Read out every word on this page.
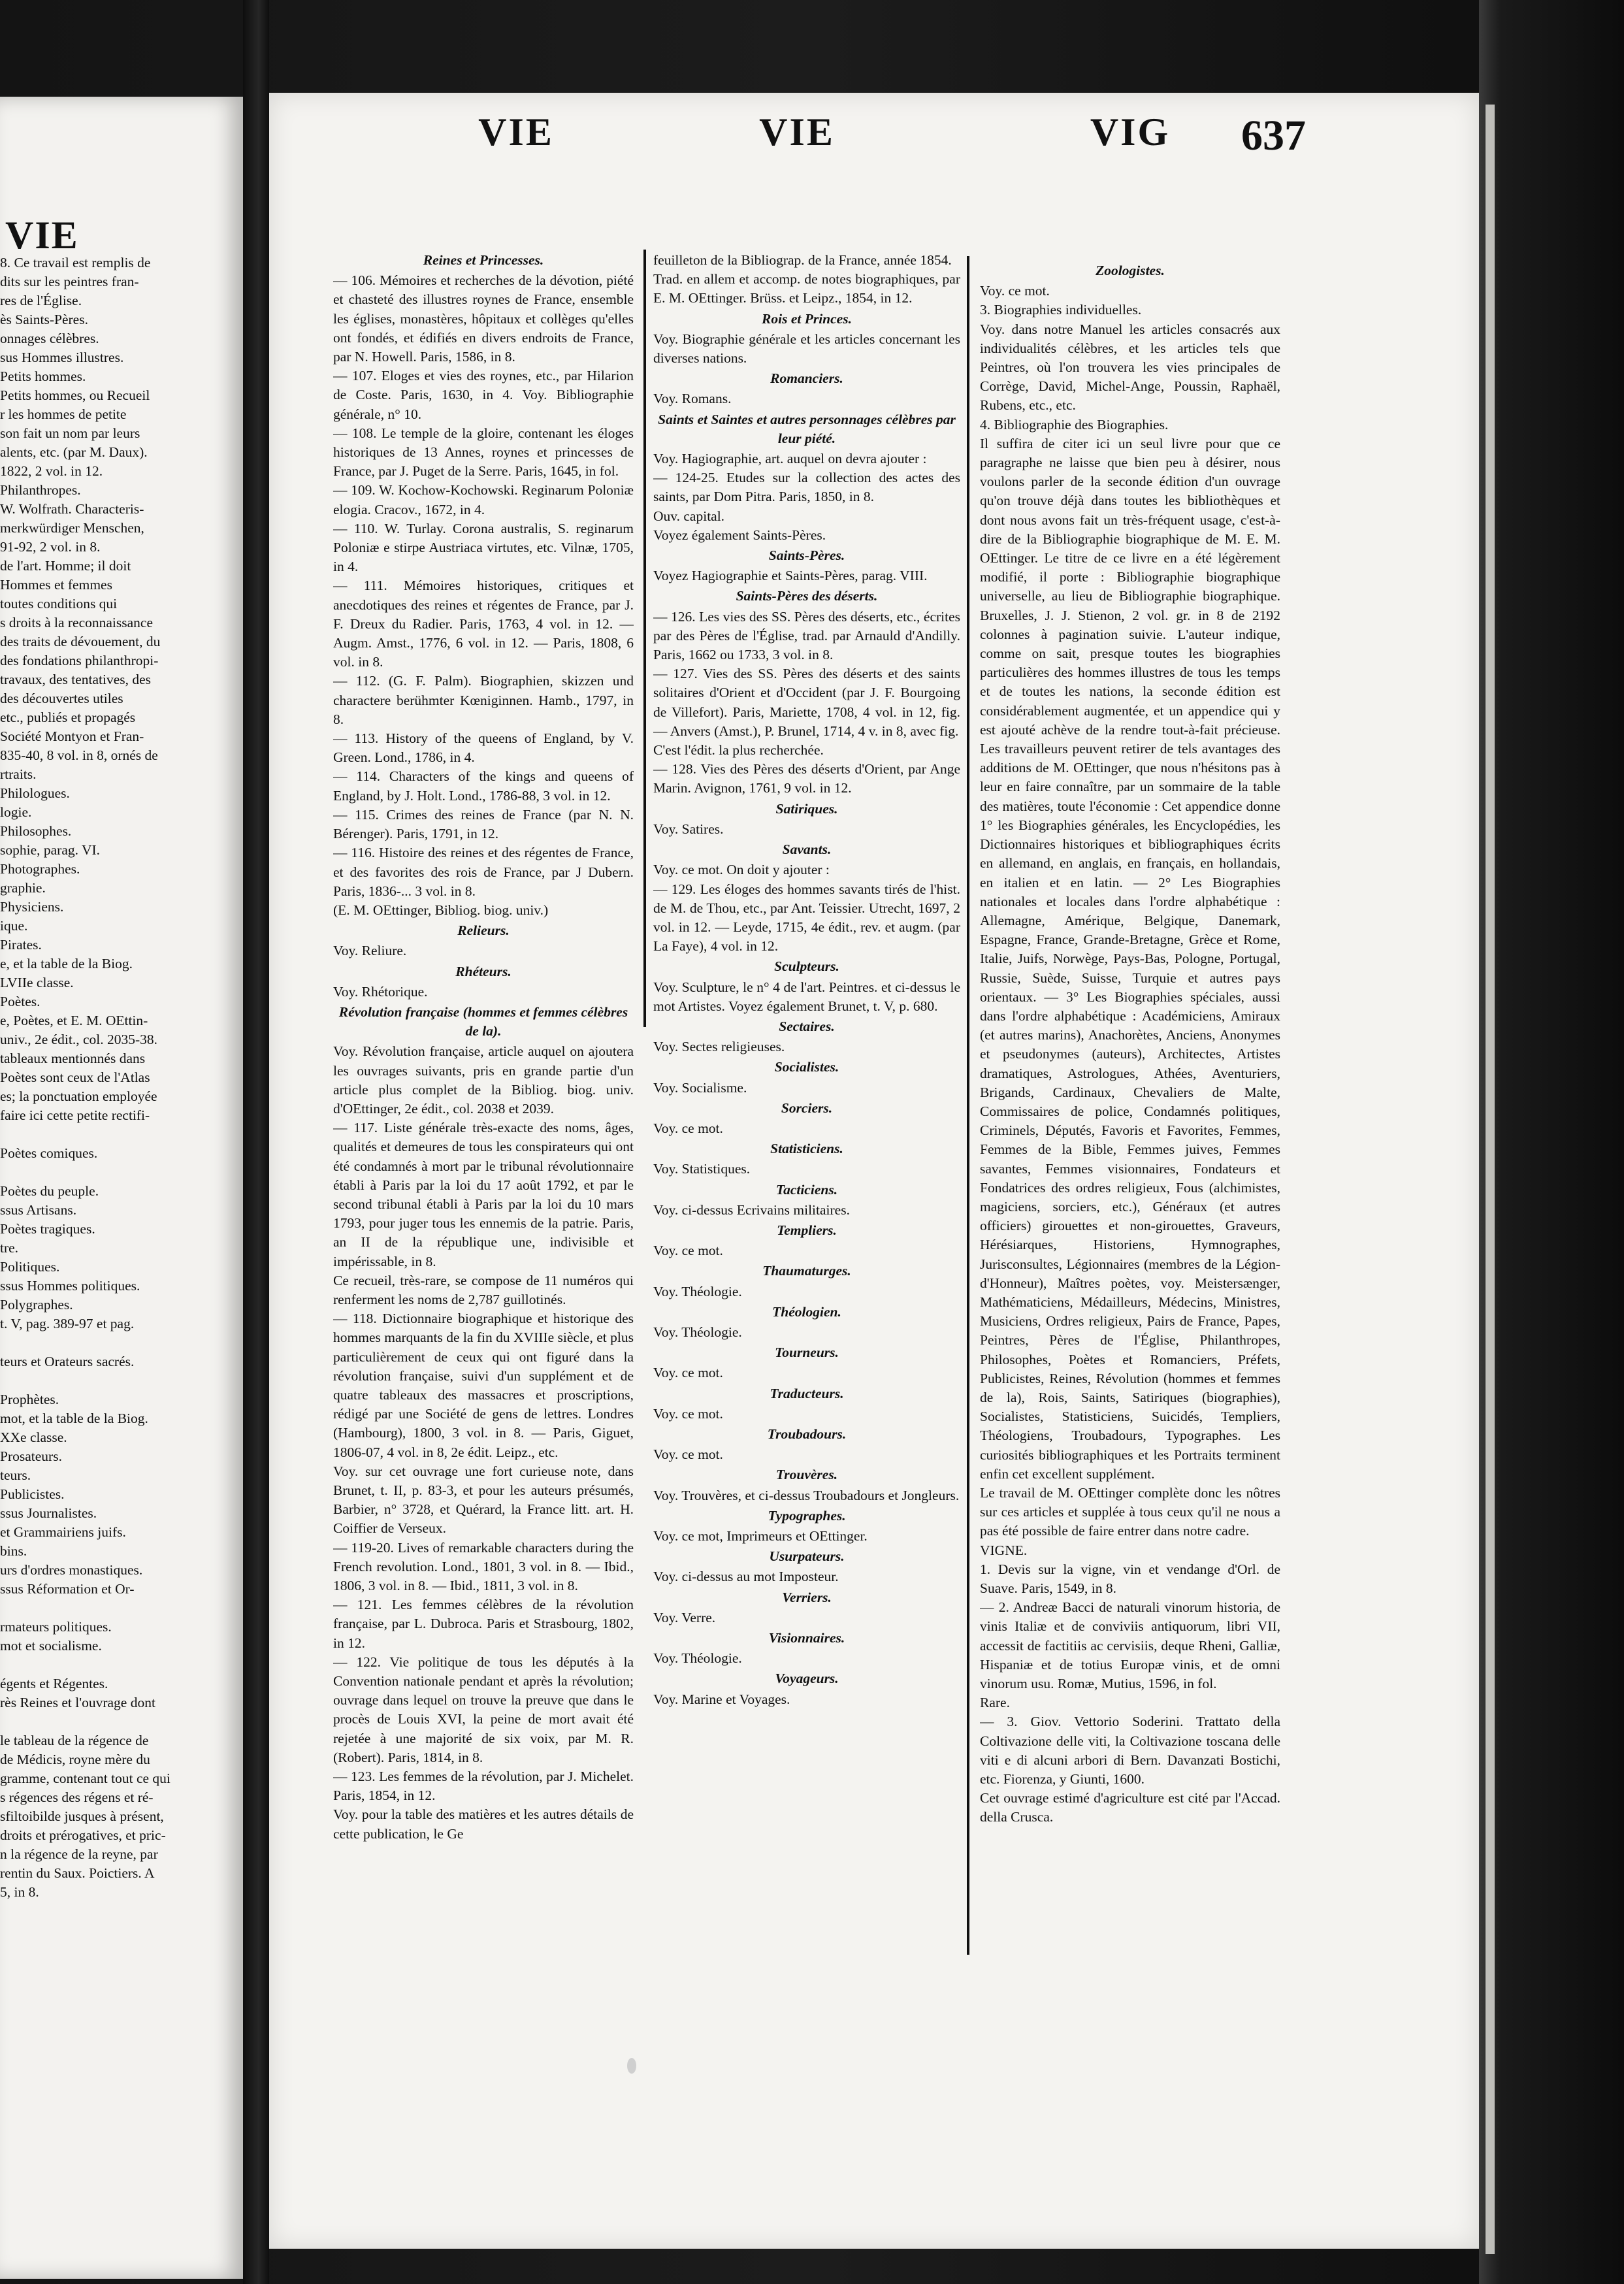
VIE
8. Ce travail est remplis de
dits sur les peintres fran-
res de l'Église.
ès Saints-Pères.
onnages célèbres.
sus Hommes illustres.
Petits hommes.
Petits hommes, ou Recueil
r les hommes de petite
son fait un nom par leurs
alents, etc. (par M. Daux).
1822, 2 vol. in 12.
Philanthropes.
W. Wolfrath. Characteris-
merkwürdiger Menschen,
91-92, 2 vol. in 8.
de l'art. Homme; il doit
Hommes et femmes
toutes conditions qui
s droits à la reconnaissance
des traits de dévouement, du
des fondations philanthropi-
travaux, des tentatives, des
des découvertes utiles
etc., publiés et propagés
Société Montyon et Fran-
835-40, 8 vol. in 8, ornés de
rtraits.
Philologues.
logie.
Philosophes.
sophie, parag. VI.
Photographes.
graphie.
Physiciens.
ique.
Pirates.
e, et la table de la Biog.
LVIIe classe.
Poètes.
e, Poètes, et E. M. OEttin-
univ., 2e édit., col. 2035-38.
tableaux mentionnés dans
Poètes sont ceux de l'Atlas
es; la ponctuation employée
faire ici cette petite rectifi-

Poètes comiques.

Poètes du peuple.
ssus Artisans.
Poètes tragiques.
tre.
Politiques.
ssus Hommes politiques.
Polygraphes.
t. V, pag. 389-97 et pag.

teurs et Orateurs sacrés.

Prophètes.
mot, et la table de la Biog.
XXe classe.
Prosateurs.
teurs.
Publicistes.
ssus Journalistes.
et Grammairiens juifs.
bins.
urs d'ordres monastiques.
ssus Réformation et Or-

rmateurs politiques.
mot et socialisme.

égents et Régentes.
rès Reines et l'ouvrage dont

le tableau de la régence de
de Médicis, royne mère du
gramme, contenant tout ce qui
s régences des régens et ré-
sfiltoibilde jusques à présent,
droits et prérogatives, et pric-
n la régence de la reyne, par
rentin du Saux. Poictiers. A
5, in 8.
VIE	VIE	VIG	637
Reines et Princesses.

— 106. Mémoires et recherches de la dévotion, piété et chasteté des illustres roynes de France, ensemble les églises, monastères, hôpitaux et collèges qu'elles ont fondés, et édifiés en divers endroits de France, par N. Howell. Paris, 1586, in 8.

— 107. Eloges et vies des roynes, etc., par Hilarion de Coste. Paris, 1630, in 4. Voy. Bibliographie générale, n° 10.

— 108. Le temple de la gloire, contenant les éloges historiques de 13 Annes, roynes et princesses de France, par J. Puget de la Serre. Paris, 1645, in fol.

— 109. W. Kochow-Kochowski. Reginarum Poloniæ elogia. Cracov., 1672, in 4.

— 110. W. Turlay. Corona australis, S. reginarum Poloniæ e stirpe Austriaca virtutes, etc. Vilnæ, 1705, in 4.

— 111. Mémoires historiques, critiques et anecdotiques des reines et régentes de France, par J. F. Dreux du Radier. Paris, 1763, 4 vol. in 12. — Augm. Amst., 1776, 6 vol. in 12. — Paris, 1808, 6 vol. in 8.

— 112. (G. F. Palm). Biographien, skizzen und charactere berühmter Kœniginnen. Hamb., 1797, in 8.

— 113. History of the queens of England, by V. Green. Lond., 1786, in 4.

— 114. Characters of the kings and queens of England, by J. Holt. Lond., 1786-88, 3 vol. in 12.

— 115. Crimes des reines de France (par N. N. Bérenger). Paris, 1791, in 12.

— 116. Histoire des reines et des régentes de France, et des favorites des rois de France, par J Dubern. Paris, 1836-... 3 vol. in 8.

(E. M. OEttinger, Bibliog. biog. univ.)

Relieurs.

Voy. Reliure.

Rhéteurs.

Voy. Rhétorique.

Révolution française (hommes et femmes célèbres de la).

Voy. Révolution française, article auquel on ajoutera les ouvrages suivants, pris en grande partie d'un article plus complet de la Bibliog. biog. univ. d'OEttinger, 2e édit., col. 2038 et 2039.

— 117. Liste générale très-exacte des noms, âges, qualités et demeures de tous les conspirateurs qui ont été condamnés à mort par le tribunal révolutionnaire établi à Paris par la loi du 17 août 1792, et par le second tribunal établi à Paris par la loi du 10 mars 1793, pour juger tous les ennemis de la patrie. Paris, an II de la république une, indivisible et impérissable, in 8.

Ce recueil, très-rare, se compose de 11 numéros qui renferment les noms de 2,787 guillotinés.

— 118. Dictionnaire biographique et historique des hommes marquants de la fin du XVIIIe siècle, et plus particulièrement de ceux qui ont figuré dans la révolution française, suivi d'un supplément et de quatre tableaux des massacres et proscriptions, rédigé par une Société de gens de lettres. Londres (Hambourg), 1800, 3 vol. in 8. — Paris, Giguet, 1806-07, 4 vol. in 8, 2e édit. Leipz., etc.

Voy. sur cet ouvrage une fort curieuse note, dans Brunet, t. II, p. 83-3, et pour les auteurs présumés, Barbier, n° 3728, et Quérard, la France litt. art. H. Coiffier de Verseux.

— 119-20. Lives of remarkable characters during the French revolution. Lond., 1801, 3 vol. in 8. — Ibid., 1806, 3 vol. in 8. — Ibid., 1811, 3 vol. in 8.

— 121. Les femmes célèbres de la révolution française, par L. Dubroca. Paris et Strasbourg, 1802, in 12.

— 122. Vie politique de tous les députés à la Convention nationale pendant et après la révolution; ouvrage dans lequel on trouve la preuve que dans le procès de Louis XVI, la peine de mort avait été rejetée à une majorité de six voix, par M. R. (Robert). Paris, 1814, in 8.

— 123. Les femmes de la révolution, par J. Michelet. Paris, 1854, in 12.

Voy. pour la table des matières et les autres détails de cette publication, le Ge

feuilleton de la Bibliograp. de la France, année 1854.

Trad. en allem et accomp. de notes biographiques, par E. M. OEttinger. Brüss. et Leipz., 1854, in 12.

Rois et Princes.

Voy. Biographie générale et les articles concernant les diverses nations.

Romanciers.

Voy. Romans.

Saints et Saintes et autres personnages célèbres par leur piété.

Voy. Hagiographie, art. auquel on devra ajouter :

— 124-25. Etudes sur la collection des actes des saints, par Dom Pitra. Paris, 1850, in 8.

Ouv. capital.

Voyez également Saints-Pères.

Saints-Pères.

Voyez Hagiographie et Saints-Pères, parag. VIII.

Saints-Pères des déserts.

— 126. Les vies des SS. Pères des déserts, etc., écrites par des Pères de l'Église, trad. par Arnauld d'Andilly. Paris, 1662 ou 1733, 3 vol. in 8.

— 127. Vies des SS. Pères des déserts et des saints solitaires d'Orient et d'Occident (par J. F. Bourgoing de Villefort). Paris, Mariette, 1708, 4 vol. in 12, fig. — Anvers (Amst.), P. Brunel, 1714, 4 v. in 8, avec fig.

C'est l'édit. la plus recherchée.

— 128. Vies des Pères des déserts d'Orient, par Ange Marin. Avignon, 1761, 9 vol. in 12.

Satiriques.

Voy. Satires.

Savants.

Voy. ce mot. On doit y ajouter :

— 129. Les éloges des hommes savants tirés de l'hist. de M. de Thou, etc., par Ant. Teissier. Utrecht, 1697, 2 vol. in 12. — Leyde, 1715, 4e édit., rev. et augm. (par La Faye), 4 vol. in 12.

Sculpteurs.

Voy. Sculpture, le n° 4 de l'art. Peintres. et ci-dessus le mot Artistes. Voyez également Brunet, t. V, p. 680.

Sectaires.

Voy. Sectes religieuses.

Socialistes.

Voy. Socialisme.

Sorciers.

Voy. ce mot.

Statisticiens.

Voy. Statistiques.

Tacticiens.

Voy. ci-dessus Ecrivains militaires.

Templiers.

Voy. ce mot.

Thaumaturges.

Voy. Théologie.

Théologien.

Voy. Théologie.

Tourneurs.

Voy. ce mot.

Traducteurs.

Voy. ce mot.

Troubadours.

Voy. ce mot.

Trouvères.

Voy. Trouvères, et ci-dessus Troubadours et Jongleurs.

Typographes.

Voy. ce mot, Imprimeurs et OEttinger.

Usurpateurs.

Voy. ci-dessus au mot Imposteur.

Verriers.

Voy. Verre.

Visionnaires.

Voy. Théologie.

Voyageurs.

Voy. Marine et Voyages.

Zoologistes.

Voy. ce mot.

3. Biographies individuelles.

Voy. dans notre Manuel les articles consacrés aux individualités célèbres, et les articles tels que Peintres, où l'on trouvera les vies principales de Corrège, David, Michel-Ange, Poussin, Raphaël, Rubens, etc., etc.

4. Bibliographie des Biographies.

Il suffira de citer ici un seul livre pour que ce paragraphe ne laisse que bien peu à désirer, nous voulons parler de la seconde édition d'un ouvrage qu'on trouve déjà dans toutes les bibliothèques et dont nous avons fait un très-fréquent usage, c'est-à-dire de la Bibliographie biographique de M. E. M. OEttinger. Le titre de ce livre en a été légèrement modifié, il porte : Bibliographie biographique universelle, au lieu de Bibliographie biographique. Bruxelles, J. J. Stienon, 2 vol. gr. in 8 de 2192 colonnes à pagination suivie. L'auteur indique, comme on sait, presque toutes les biographies particulières des hommes illustres de tous les temps et de toutes les nations, la seconde édition est considérablement augmentée, et un appendice qui y est ajouté achève de la rendre tout-à-fait précieuse. Les travailleurs peuvent retirer de tels avantages des additions de M. OEttinger, que nous n'hésitons pas à leur en faire connaître, par un sommaire de la table des matières, toute l'économie : Cet appendice donne 1° les Biographies générales, les Encyclopédies, les Dictionnaires historiques et bibliographiques écrits en allemand, en anglais, en français, en hollandais, en italien et en latin. — 2° Les Biographies nationales et locales dans l'ordre alphabétique : Allemagne, Amérique, Belgique, Danemark, Espagne, France, Grande-Bretagne, Grèce et Rome, Italie, Juifs, Norwège, Pays-Bas, Pologne, Portugal, Russie, Suède, Suisse, Turquie et autres pays orientaux. — 3° Les Biographies spéciales, aussi dans l'ordre alphabétique : Académiciens, Amiraux (et autres marins), Anachorètes, Anciens, Anonymes et pseudonymes (auteurs), Architectes, Artistes dramatiques, Astrologues, Athées, Aventuriers, Brigands, Cardinaux, Chevaliers de Malte, Commissaires de police, Condamnés politiques, Criminels, Députés, Favoris et Favorites, Femmes, Femmes de la Bible, Femmes juives, Femmes savantes, Femmes visionnaires, Fondateurs et Fondatrices des ordres religieux, Fous (alchimistes, magiciens, sorciers, etc.), Généraux (et autres officiers) girouettes et non-girouettes, Graveurs, Hérésiarques, Historiens, Hymnographes, Jurisconsultes, Légionnaires (membres de la Légion-d'Honneur), Maîtres poètes, voy. Meistersænger, Mathématiciens, Médailleurs, Médecins, Ministres, Musiciens, Ordres religieux, Pairs de France, Papes, Peintres, Pères de l'Église, Philanthropes, Philosophes, Poètes et Romanciers, Préfets, Publicistes, Reines, Révolution (hommes et femmes de la), Rois, Saints, Satiriques (biographies), Socialistes, Statisticiens, Suicidés, Templiers, Théologiens, Troubadours, Typographes. Les curiosités bibliographiques et les Portraits terminent enfin cet excellent supplément.

Le travail de M. OEttinger complète donc les nôtres sur ces articles et supplée à tous ceux qu'il ne nous a pas été possible de faire entrer dans notre cadre.

VIGNE.

1. Devis sur la vigne, vin et vendange d'Orl. de Suave. Paris, 1549, in 8.

— 2. Andreæ Bacci de naturali vinorum historia, de vinis Italiæ et de conviviis antiquorum, libri VII, accessit de factitiis ac cervisiis, deque Rheni, Galliæ, Hispaniæ et de totius Europæ vinis, et de omni vinorum usu. Romæ, Mutius, 1596, in fol.

Rare.

— 3. Giov. Vettorio Soderini. Trattato della Coltivazione delle viti, la Coltivazione toscana delle viti e di alcuni arbori di Bern. Davanzati Bostichi, etc. Fiorenza, y Giunti, 1600.

Cet ouvrage estimé d'agriculture est cité par l'Accad. della Crusca.
